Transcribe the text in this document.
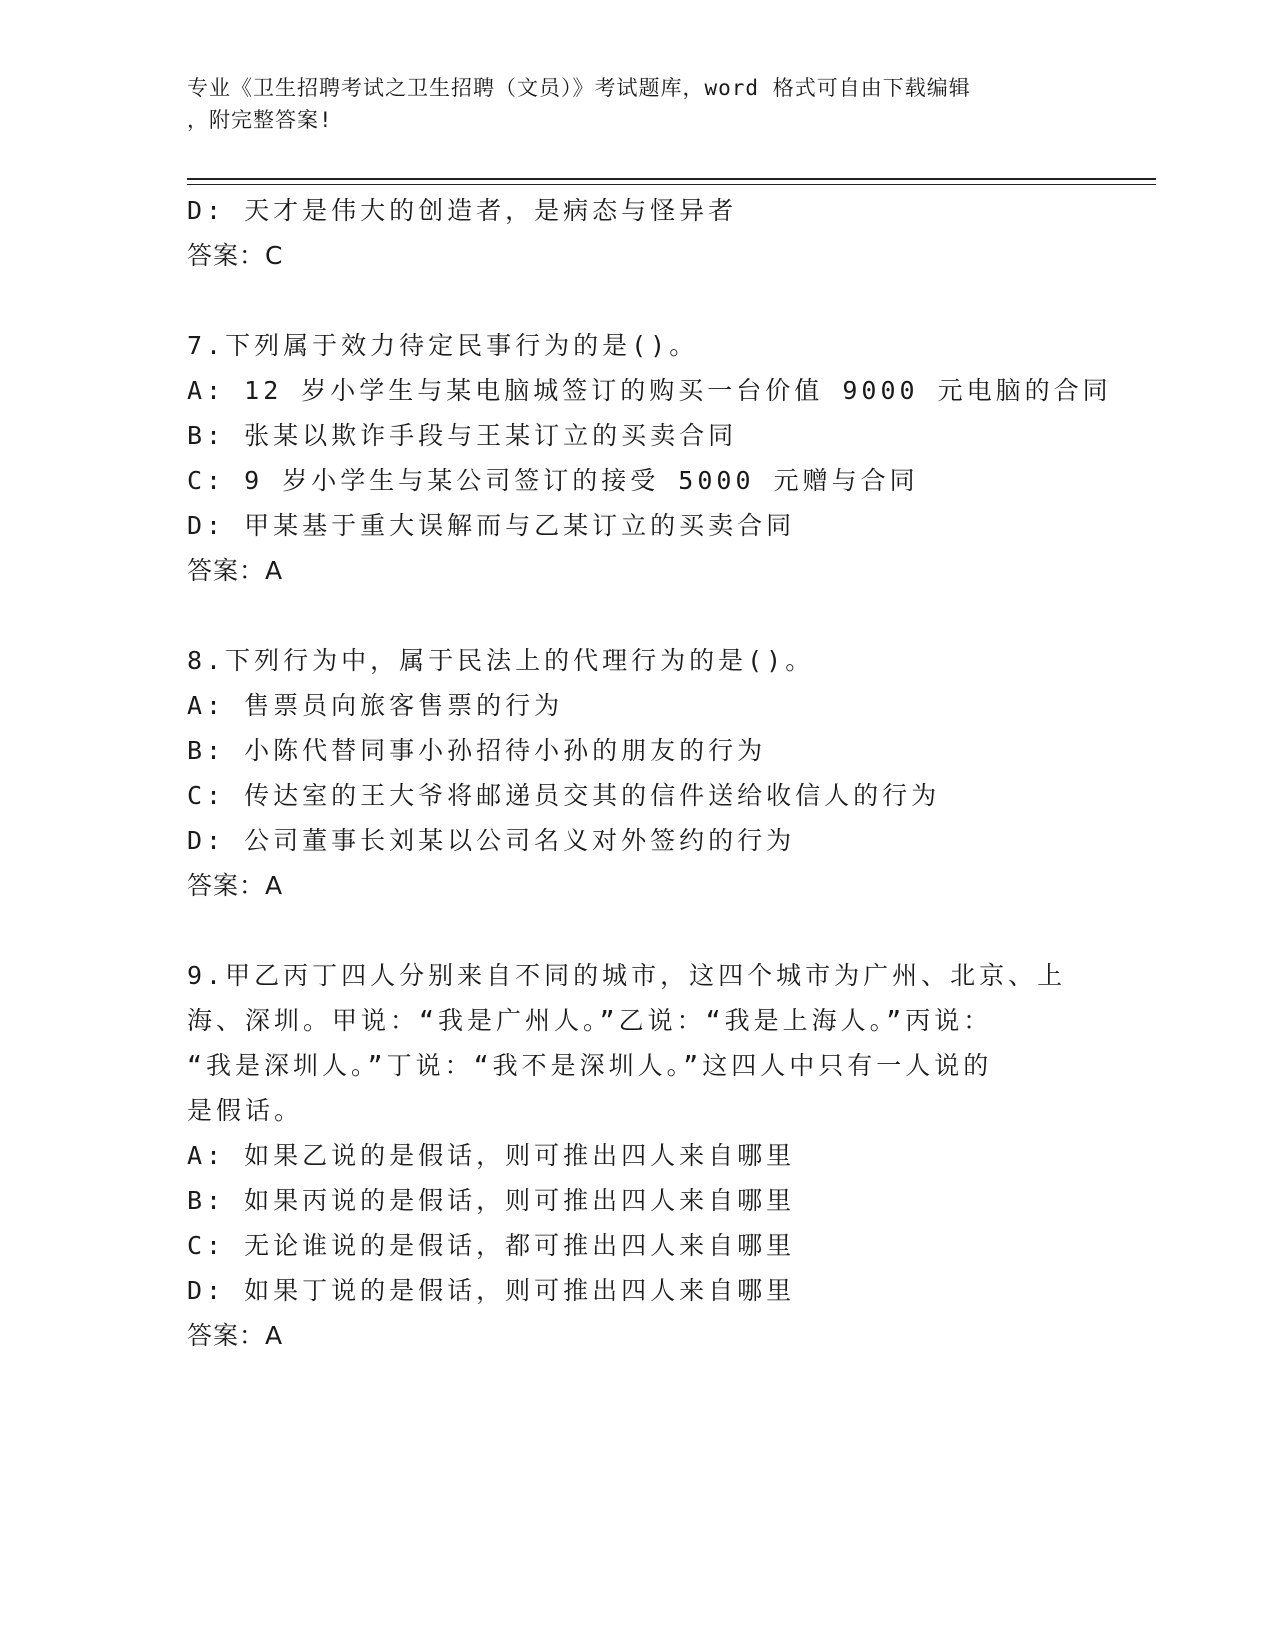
专业《卫生招聘考试之卫生招聘（文员）》考试题库，word 格式可自由下载编辑
，附完整答案!
D: 天才是伟大的创造者，是病态与怪异者
答案：C
7.下列属于效力待定民事行为的是()。
A: 12 岁小学生与某电脑城签订的购买一台价值 9000 元电脑的合同
B: 张某以欺诈手段与王某订立的买卖合同
C: 9 岁小学生与某公司签订的接受 5000 元赠与合同
D: 甲某基于重大误解而与乙某订立的买卖合同
答案：A
8.下列行为中，属于民法上的代理行为的是()。
A: 售票员向旅客售票的行为
B: 小陈代替同事小孙招待小孙的朋友的行为
C: 传达室的王大爷将邮递员交其的信件送给收信人的行为
D: 公司董事长刘某以公司名义对外签约的行为
答案：A
9.甲乙丙丁四人分别来自不同的城市，这四个城市为广州、北京、上
海、深圳。甲说：“我是广州人。”乙说：“我是上海人。”丙说：
“我是深圳人。”丁说：“我不是深圳人。”这四人中只有一人说的
是假话。
A: 如果乙说的是假话，则可推出四人来自哪里
B: 如果丙说的是假话，则可推出四人来自哪里
C: 无论谁说的是假话，都可推出四人来自哪里
D: 如果丁说的是假话，则可推出四人来自哪里
答案：A
